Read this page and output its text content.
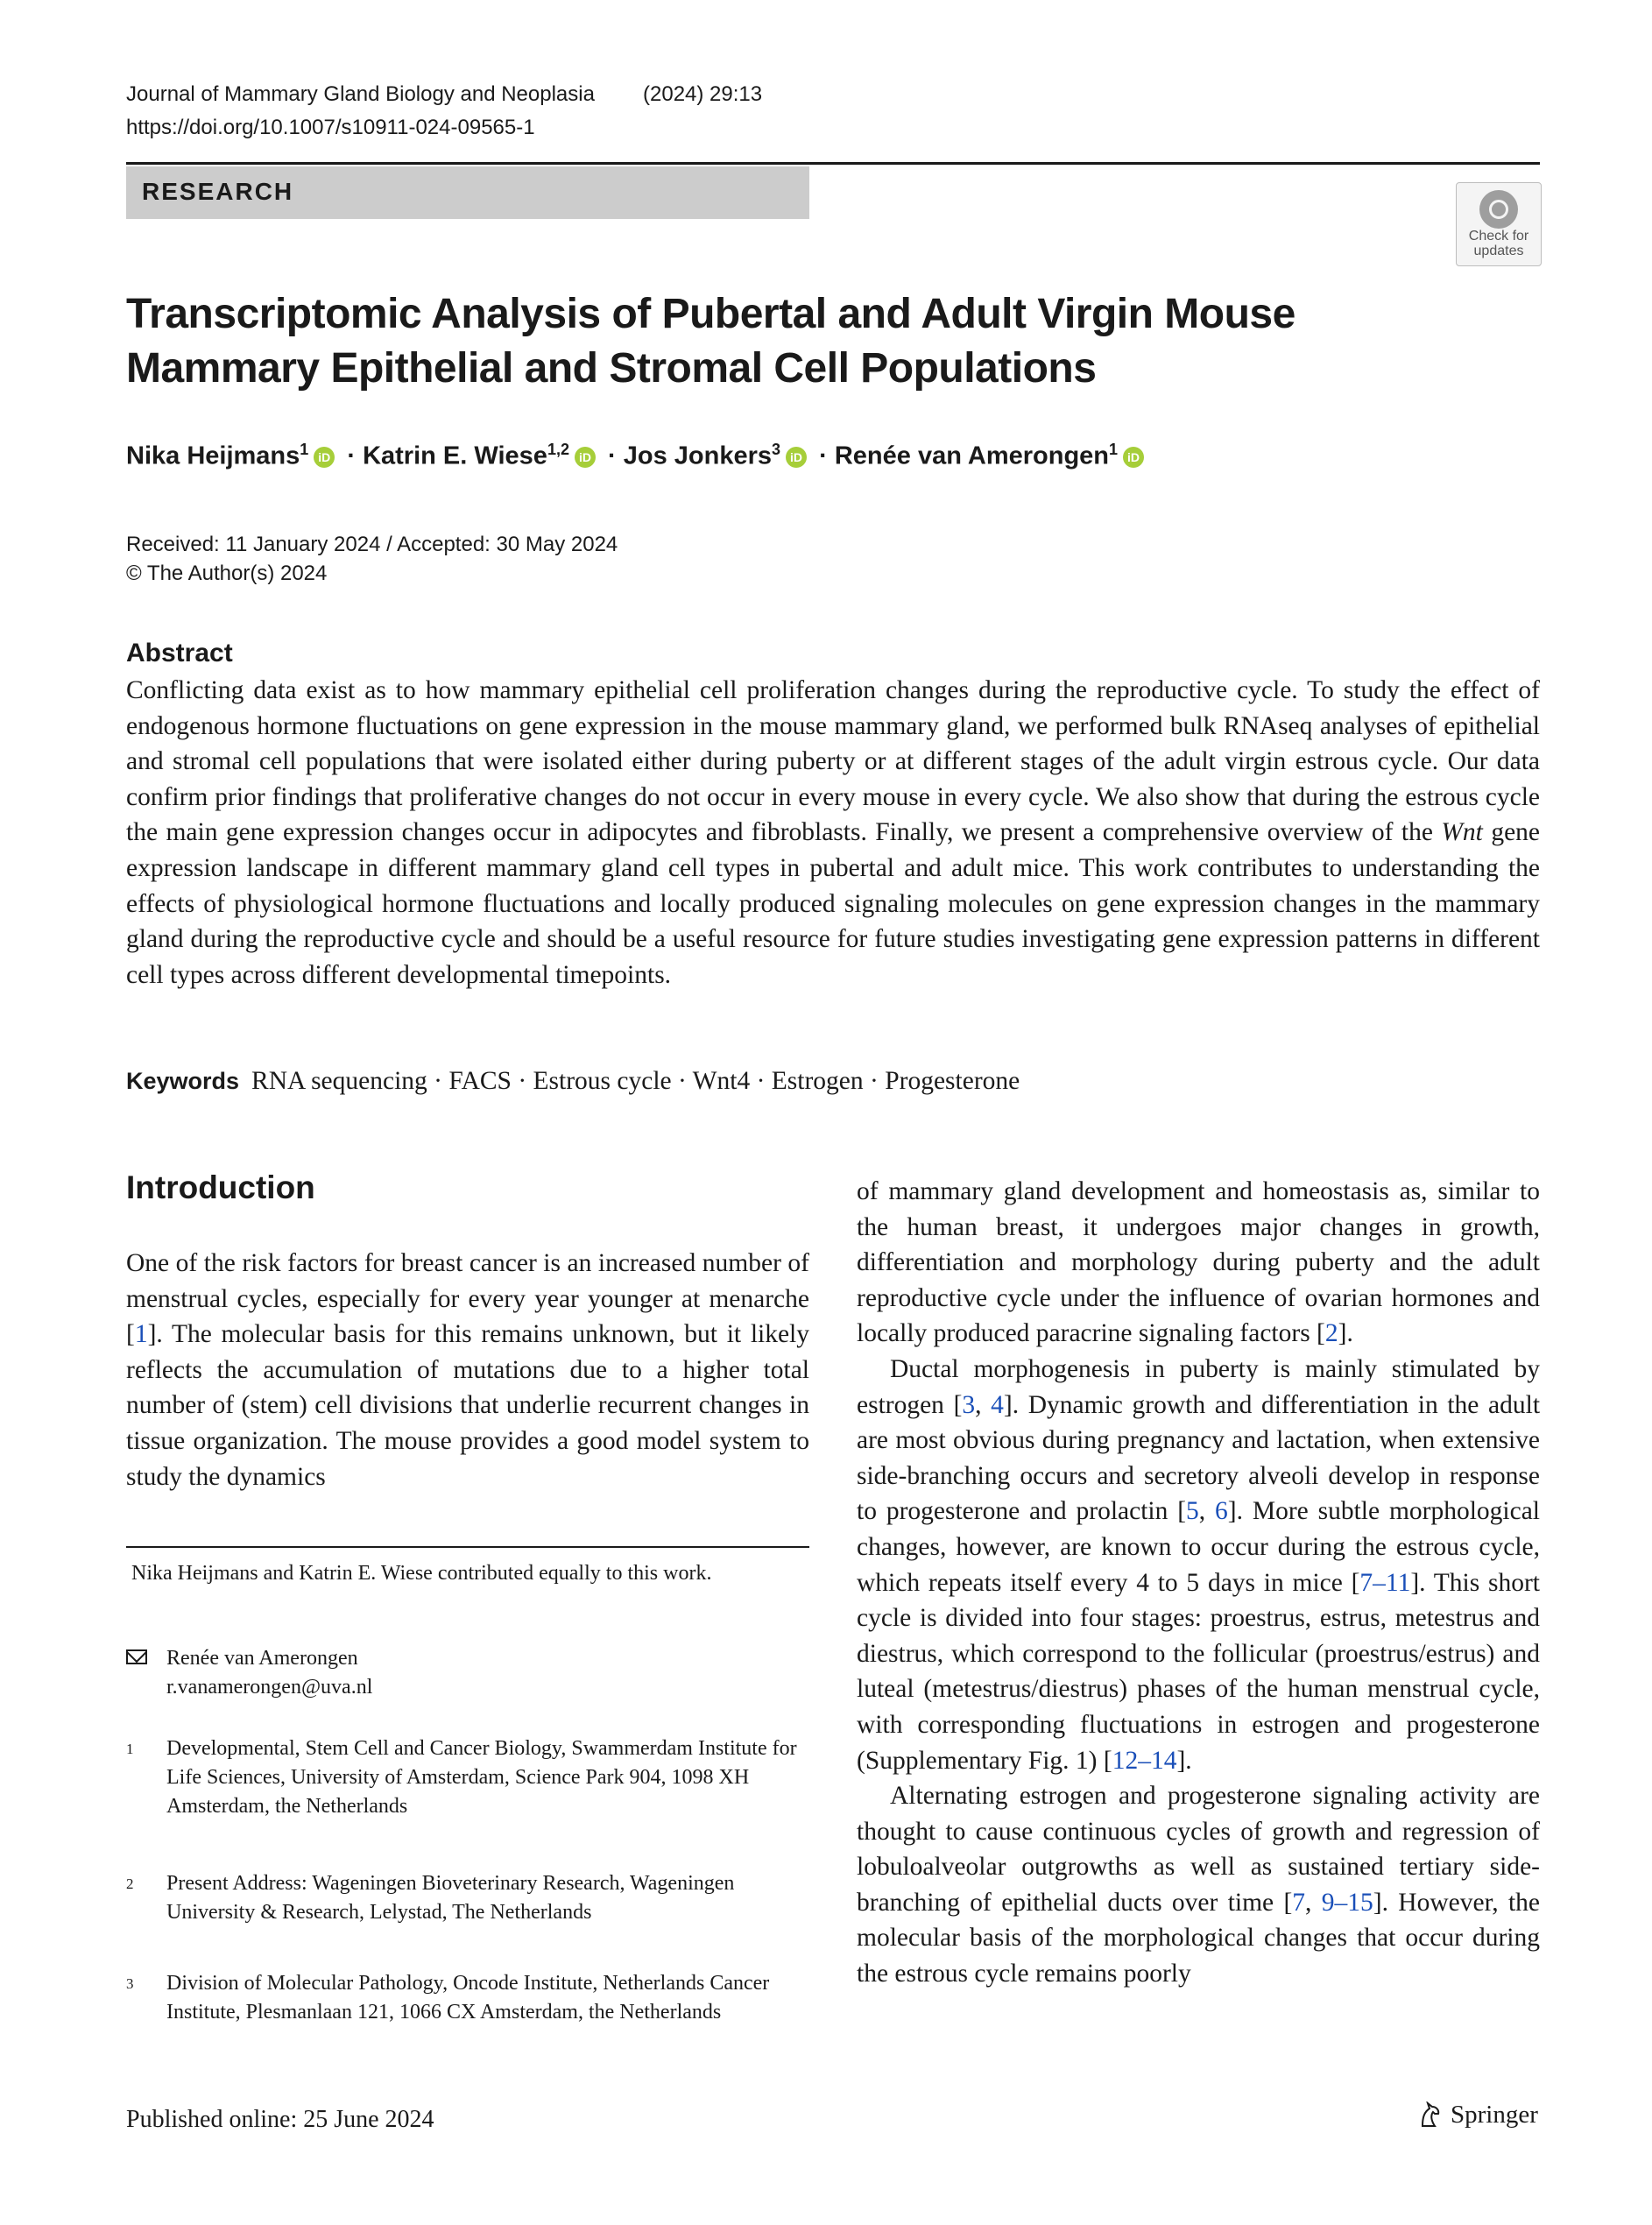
Journal of Mammary Gland Biology and Neoplasia (2024) 29:13
https://doi.org/10.1007/s10911-024-09565-1
RESEARCH
Check for
updates
Transcriptomic Analysis of Pubertal and Adult Virgin Mouse Mammary Epithelial and Stromal Cell Populations
Nika Heijmans$^1$ iD · Katrin E. Wiese$^{1,2}$ iD · Jos Jonkers$^3$ iD · Renée van Amerongen$^1$ iD
Received: 11 January 2024 / Accepted: 30 May 2024
© The Author(s) 2024
Abstract
Conflicting data exist as to how mammary epithelial cell proliferation changes during the reproductive cycle. To study the effect of endogenous hormone fluctuations on gene expression in the mouse mammary gland, we performed bulk RNAseq analyses of epithelial and stromal cell populations that were isolated either during puberty or at different stages of the adult virgin estrous cycle. Our data confirm prior findings that proliferative changes do not occur in every mouse in every cycle. We also show that during the estrous cycle the main gene expression changes occur in adipocytes and fibroblasts. Finally, we present a comprehensive overview of the Wnt gene expression landscape in different mammary gland cell types in pubertal and adult mice. This work contributes to understanding the effects of physiological hormone fluctuations and locally produced signaling molecules on gene expression changes in the mammary gland during the reproductive cycle and should be a useful resource for future studies investigating gene expression patterns in different cell types across different developmental timepoints.
Keywords RNA sequencing · FACS · Estrous cycle · Wnt4 · Estrogen · Progesterone
Introduction

One of the risk factors for breast cancer is an increased number of menstrual cycles, especially for every year younger at menarche [1]. The molecular basis for this remains unknown, but it likely reflects the accumulation of mutations due to a higher total number of (stem) cell divisions that underlie recurrent changes in tissue organization. The mouse provides a good model system to study the dynamics

of mammary gland development and homeostasis as, similar to the human breast, it undergoes major changes in growth, differentiation and morphology during puberty and the adult reproductive cycle under the influence of ovarian hormones and locally produced paracrine signaling factors [2].

Ductal morphogenesis in puberty is mainly stimulated by estrogen [3, 4]. Dynamic growth and differentiation in the adult are most obvious during pregnancy and lactation, when extensive side-branching occurs and secretory alveoli develop in response to progesterone and prolactin [5, 6]. More subtle morphological changes, however, are known to occur during the estrous cycle, which repeats itself every 4 to 5 days in mice [7–11]. This short cycle is divided into four stages: proestrus, estrus, metestrus and diestrus, which correspond to the follicular (proestrus/estrus) and luteal (metestrus/diestrus) phases of the human menstrual cycle, with corresponding fluctuations in estrogen and progesterone (Supplementary Fig. 1) [12–14].

Alternating estrogen and progesterone signaling activity are thought to cause continuous cycles of growth and regression of lobuloalveolar outgrowths as well as sustained tertiary side-branching of epithelial ducts over time [7, 9–15]. However, the molecular basis of the morphological changes that occur during the estrous cycle remains poorly

Nika Heijmans and Katrin E. Wiese contributed equally to this work.
Renée van Amerongen
r.vanamerongen@uva.nl
1	Developmental, Stem Cell and Cancer Biology, Swammerdam Institute for Life Sciences, University of Amsterdam, Science Park 904, 1098 XH Amsterdam, the Netherlands
2	Present Address: Wageningen Bioveterinary Research, Wageningen University & Research, Lelystad, The Netherlands
3	Division of Molecular Pathology, Oncode Institute, Netherlands Cancer Institute, Plesmanlaan 121, 1066 CX Amsterdam, the Netherlands
Published online: 25 June 2024	Springer
